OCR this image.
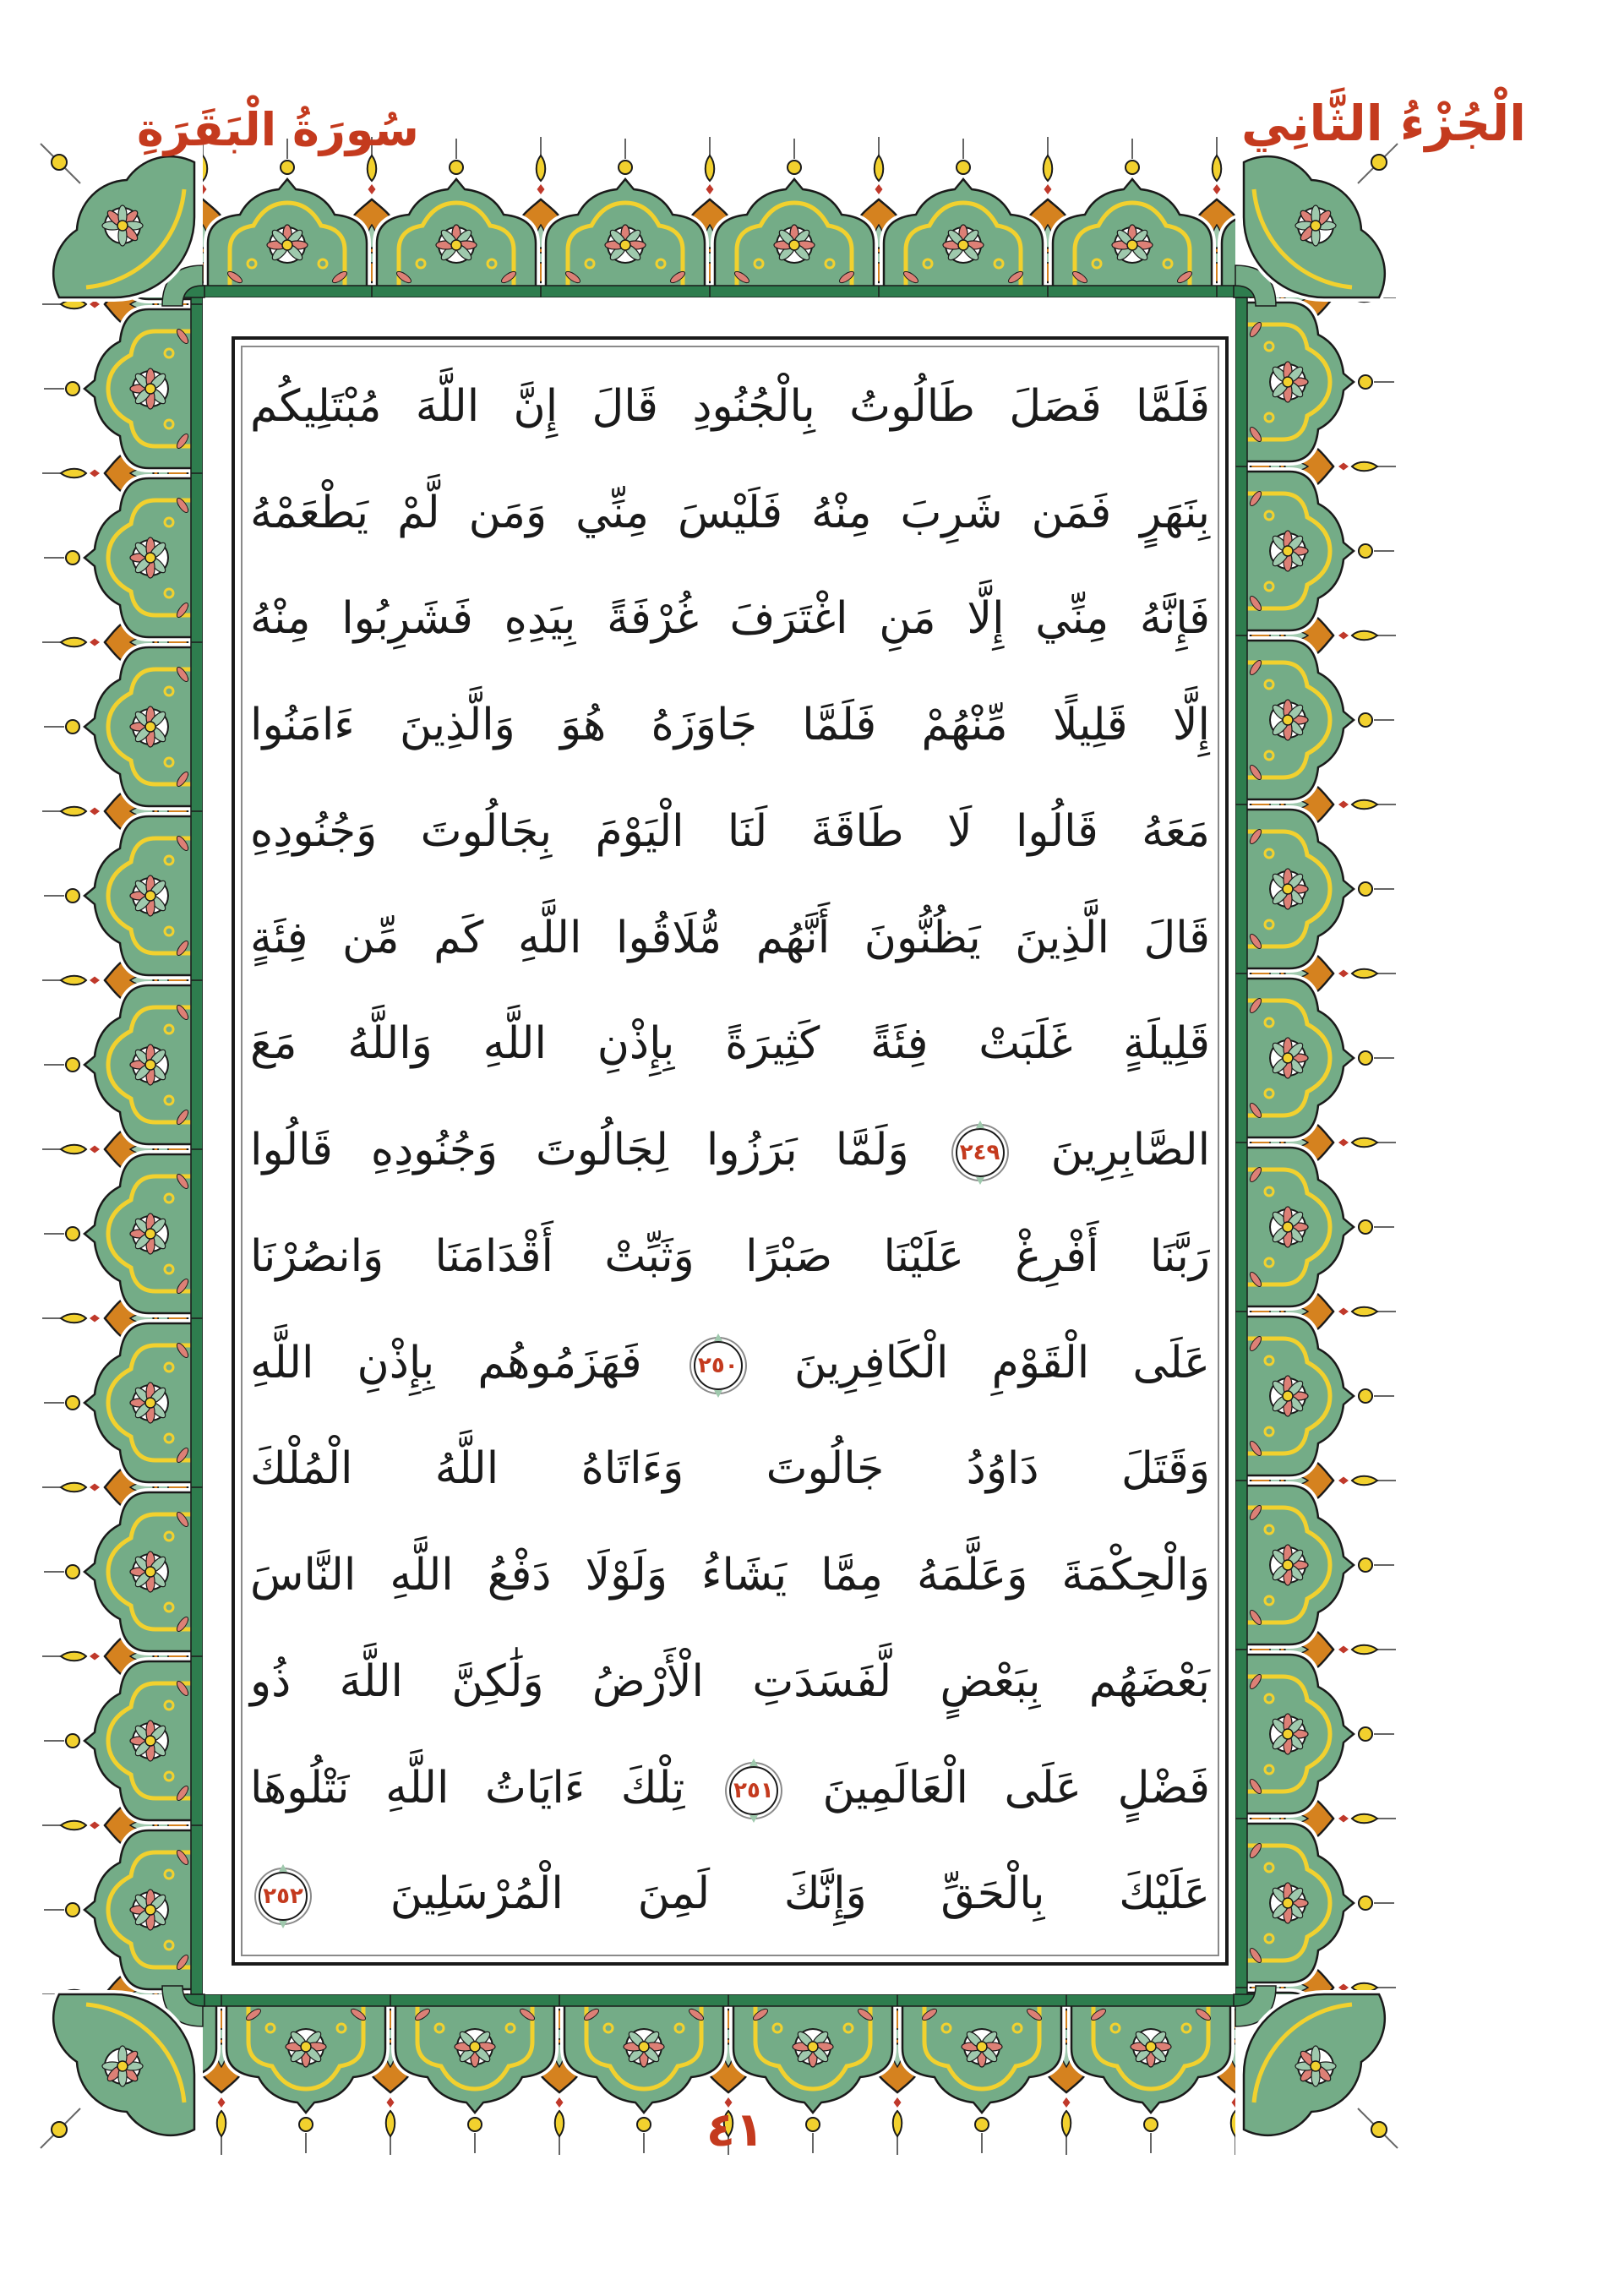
الْجُزْءُ الثَّانِي
سُورَةُ الْبَقَرَةِ
فَلَمَّا فَصَلَ طَالُوتُ بِالْجُنُودِ قَالَ إِنَّ اللَّهَ مُبْتَلِيكُم
بِنَهَرٍ فَمَن شَرِبَ مِنْهُ فَلَيْسَ مِنِّي وَمَن لَّمْ يَطْعَمْهُ
فَإِنَّهُ مِنِّي إِلَّا مَنِ اغْتَرَفَ غُرْفَةً بِيَدِهِ فَشَرِبُوا مِنْهُ
إِلَّا قَلِيلًا مِّنْهُمْ فَلَمَّا جَاوَزَهُ هُوَ وَالَّذِينَ ءَامَنُوا
مَعَهُ قَالُوا لَا طَاقَةَ لَنَا الْيَوْمَ بِجَالُوتَ وَجُنُودِهِ
قَالَ الَّذِينَ يَظُنُّونَ أَنَّهُم مُّلَاقُوا اللَّهِ كَم مِّن فِئَةٍ
قَلِيلَةٍ غَلَبَتْ فِئَةً كَثِيرَةً بِإِذْنِ اللَّهِ وَاللَّهُ مَعَ
الصَّابِرِينَ
٢٤٩
وَلَمَّا بَرَزُوا لِجَالُوتَ وَجُنُودِهِ قَالُوا
رَبَّنَا أَفْرِغْ عَلَيْنَا صَبْرًا وَثَبِّتْ أَقْدَامَنَا وَانصُرْنَا
عَلَى الْقَوْمِ الْكَافِرِينَ
٢٥٠
فَهَزَمُوهُم بِإِذْنِ اللَّهِ
وَقَتَلَ دَاوُدُ جَالُوتَ وَءَاتَاهُ اللَّهُ الْمُلْكَ
وَالْحِكْمَةَ وَعَلَّمَهُ مِمَّا يَشَاءُ وَلَوْلَا دَفْعُ اللَّهِ النَّاسَ
بَعْضَهُم بِبَعْضٍ لَّفَسَدَتِ الْأَرْضُ وَلَٰكِنَّ اللَّهَ ذُو
فَضْلٍ عَلَى الْعَالَمِينَ
٢٥١
تِلْكَ ءَايَاتُ اللَّهِ نَتْلُوهَا
عَلَيْكَ بِالْحَقِّ وَإِنَّكَ لَمِنَ الْمُرْسَلِينَ
٢٥٢
٤١
